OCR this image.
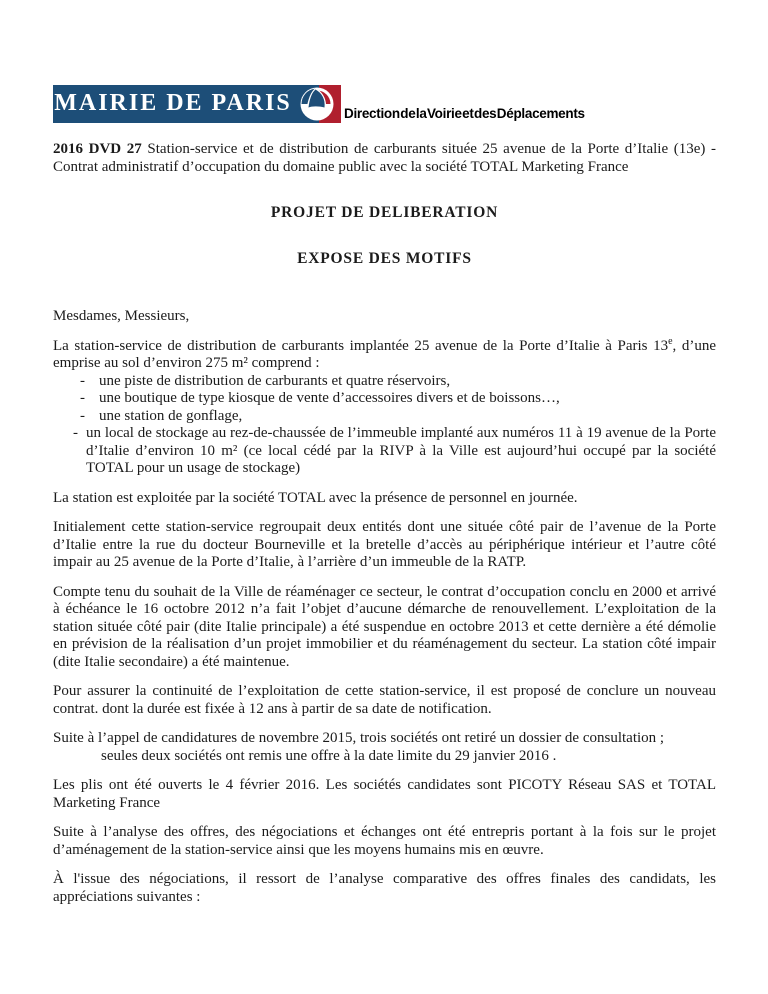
MAIRIE DE PARIS	Direction de la Voirie et des Déplacements
2016 DVD 27 Station-service et de distribution de carburants située 25 avenue de la Porte d’Italie (13e) - Contrat administratif d’occupation du domaine public avec la société TOTAL Marketing France
PROJET DE DELIBERATION
EXPOSE DES MOTIFS
Mesdames, Messieurs,
La station-service de distribution de carburants implantée 25 avenue de la Porte d’Italie à Paris 13e, d’une emprise au sol d’environ 275 m² comprend :
- une piste de distribution de carburants et quatre réservoirs,
- une boutique de type kiosque de vente d’accessoires divers et de boissons…,
- une station de gonflage,
- un local de stockage au rez-de-chaussée de l’immeuble implanté aux numéros 11 à 19 avenue de la Porte d’Italie d’environ 10 m² (ce local cédé par la RIVP à la Ville est aujourd’hui occupé par la société TOTAL pour un usage de stockage)
La station est exploitée par la société TOTAL avec la présence de personnel en journée.
Initialement cette station-service regroupait deux entités dont une située côté pair de l’avenue de la Porte d’Italie entre la rue du docteur Bourneville et la bretelle d’accès au périphérique intérieur et l’autre côté impair au 25 avenue de la Porte d’Italie, à l’arrière d’un immeuble de la RATP.
Compte tenu du souhait de la Ville de réaménager ce secteur, le contrat d’occupation conclu en 2000 et arrivé à échéance le 16 octobre 2012 n’a fait l’objet d’aucune démarche de renouvellement. L’exploitation de la station située côté pair (dite Italie principale) a été suspendue en octobre 2013 et cette dernière a été démolie en prévision de la réalisation d’un projet immobilier et du réaménagement du secteur. La station côté impair (dite Italie secondaire) a été maintenue.
Pour assurer la continuité de l’exploitation de cette station-service, il est proposé de conclure un nouveau contrat. dont la durée est fixée à 12 ans à partir de sa date de notification.
Suite à l’appel de candidatures de novembre 2015, trois sociétés ont retiré un dossier de consultation ;
seules deux sociétés ont remis une offre à la date limite du 29 janvier 2016 .
Les plis ont été ouverts le 4 février 2016. Les sociétés candidates sont PICOTY Réseau SAS et TOTAL Marketing France
Suite à l’analyse des offres, des négociations et échanges ont été entrepris portant à la fois sur le projet d’aménagement de la station-service ainsi que les moyens humains mis en œuvre.
À l'issue des négociations, il ressort de l’analyse comparative des offres finales des candidats, les appréciations suivantes :
